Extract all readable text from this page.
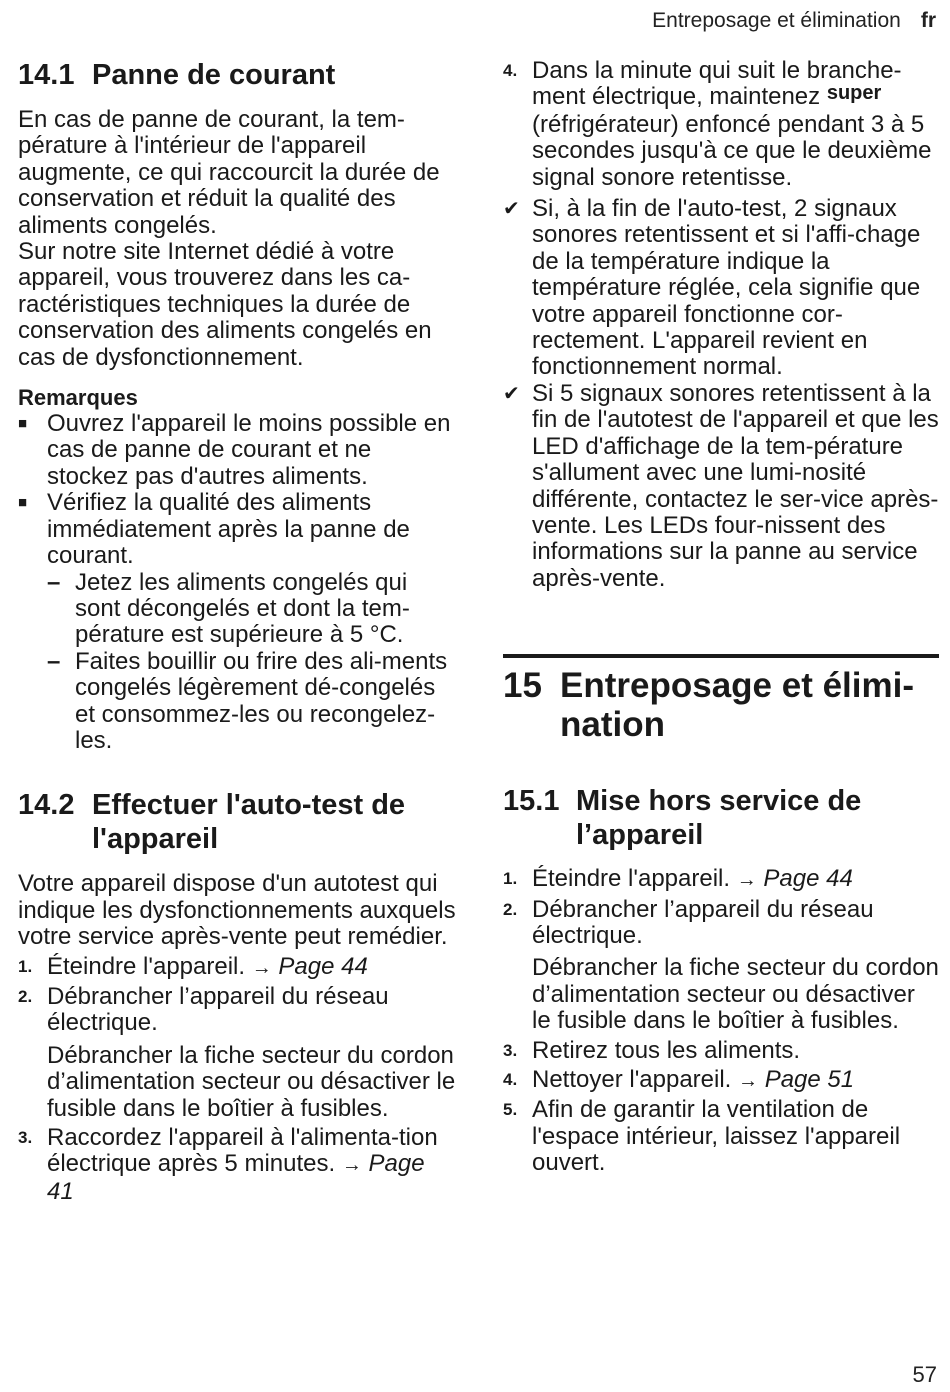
Entreposage et élimination fr
14.1 Panne de courant

En cas de panne de courant, la tem-pérature à l'intérieur de l'appareil augmente, ce qui raccourcit la durée de conservation et réduit la qualité des aliments congelés.

Sur notre site Internet dédié à votre appareil, vous trouverez dans les ca-ractéristiques techniques la durée de conservation des aliments congelés en cas de dysfonctionnement.

Remarques
■ Ouvrez l'appareil le moins possible en cas de panne de courant et ne stockez pas d'autres aliments.

■ Vérifiez la qualité des aliments immédiatement après la panne de courant.

– Jetez les aliments congelés qui sont décongelés et dont la tem-pérature est supérieure à 5 °C.

– Faites bouillir ou frire des ali-ments congelés légèrement dé-congelés et consommez-les ou recongelez-les.

14.2 Effectuer l'auto-test de l'appareil

Votre appareil dispose d'un autotest qui indique les dysfonctionnements auxquels votre service après-vente peut remédier.

1. Éteindre l'appareil. → Page 44

2. Débrancher l’appareil du réseau électrique.

Débrancher la fiche secteur du cordon d’alimentation secteur ou désactiver le fusible dans le boîtier à fusibles.

3. Raccordez l'appareil à l'alimenta-tion électrique après 5 minutes. → Page 41

4. Dans la minute qui suit le branche-ment électrique, maintenez $^{super}$ (réfrigérateur) enfoncé pendant 3 à 5 secondes jusqu'à ce que le deuxième signal sonore retentisse.

✔ Si, à la fin de l'auto-test, 2 signaux sonores retentissent et si l'affi-chage de la température indique la température réglée, cela signifie que votre appareil fonctionne cor-rectement. L'appareil revient en fonctionnement normal.

✔ Si 5 signaux sonores retentissent à la fin de l'autotest de l'appareil et que les LED d'affichage de la tem-pérature s'allument avec une lumi-nosité différente, contactez le ser-vice après-vente. Les LEDs four-nissent des informations sur la panne au service après-vente.

15 Entreposage et élimi-nation
15.1 Mise hors service de l’appareil
1. Éteindre l'appareil. → Page 44

2. Débrancher l’appareil du réseau électrique.

Débrancher la fiche secteur du cordon d’alimentation secteur ou désactiver le fusible dans le boîtier à fusibles.

3. Retirez tous les aliments.

4. Nettoyer l'appareil. → Page 51

5. Afin de garantir la ventilation de l'espace intérieur, laissez l'appareil ouvert.

57
